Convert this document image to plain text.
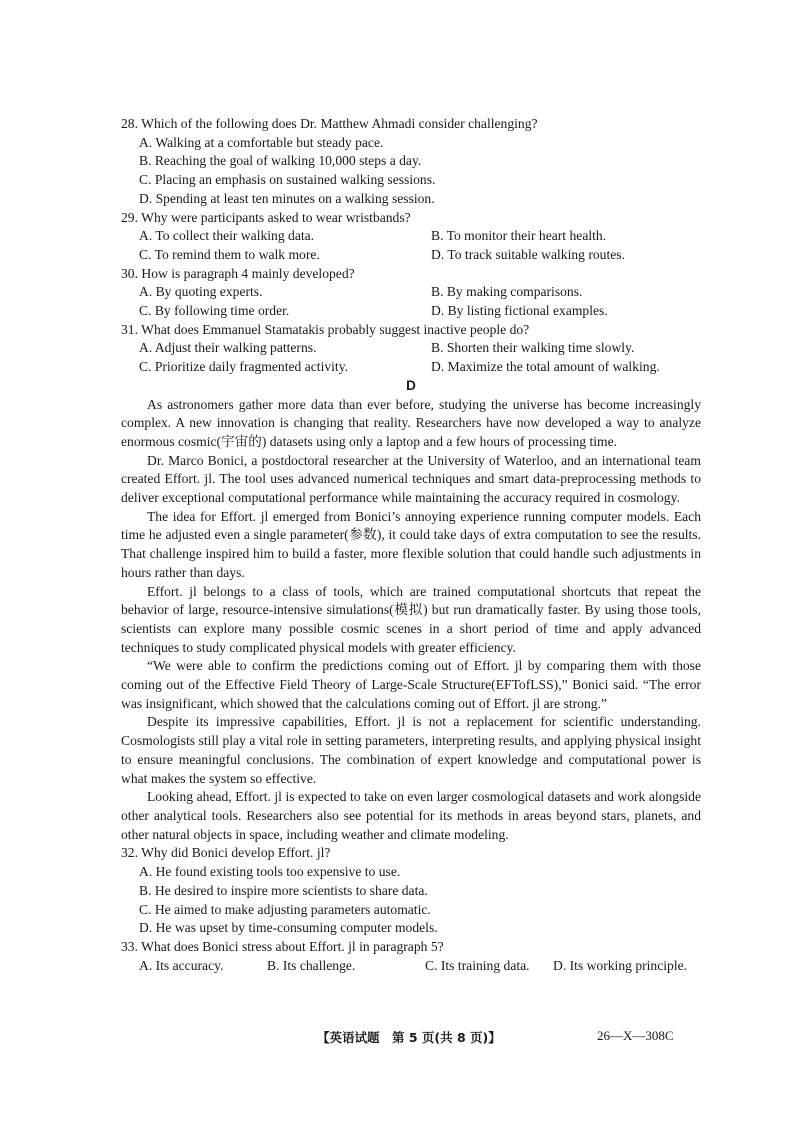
28. Which of the following does Dr. Matthew Ahmadi consider challenging?

A. Walking at a comfortable but steady pace.

B. Reaching the goal of walking 10,000 steps a day.

C. Placing an emphasis on sustained walking sessions.

D. Spending at least ten minutes on a walking session.

29. Why were participants asked to wear wristbands?

A. To collect their walking data.	B. To monitor their heart health.
C. To remind them to walk more.	D. To track suitable walking routes.

30. How is paragraph 4 mainly developed?

A. By quoting experts.	B. By making comparisons.
C. By following time order.	D. By listing fictional examples.

31. What does Emmanuel Stamatakis probably suggest inactive people do?

A. Adjust their walking patterns.	B. Shorten their walking time slowly.
C. Prioritize daily fragmented activity.	D. Maximize the total amount of walking.

D

As astronomers gather more data than ever before, studying the universe has become increasingly complex. A new innovation is changing that reality. Researchers have now developed a way to analyze enormous cosmic(宇宙的) datasets using only a laptop and a few hours of processing time.

Dr. Marco Bonici, a postdoctoral researcher at the University of Waterloo, and an international team created Effort. jl. The tool uses advanced numerical techniques and smart data-preprocessing methods to deliver exceptional computational performance while maintaining the accuracy required in cosmology.

The idea for Effort. jl emerged from Bonici’s annoying experience running computer models. Each time he adjusted even a single parameter(参数), it could take days of extra computation to see the results. That challenge inspired him to build a faster, more flexible solution that could handle such adjustments in hours rather than days.

Effort. jl belongs to a class of tools, which are trained computational shortcuts that repeat the behavior of large, resource-intensive simulations(模拟) but run dramatically faster. By using those tools, scientists can explore many possible cosmic scenes in a short period of time and apply advanced techniques to study complicated physical models with greater efficiency.

“We were able to confirm the predictions coming out of Effort. jl by comparing them with those coming out of the Effective Field Theory of Large-Scale Structure(EFTofLSS),” Bonici said. “The error was insignificant, which showed that the calculations coming out of Effort. jl are strong.”

Despite its impressive capabilities, Effort. jl is not a replacement for scientific understanding. Cosmologists still play a vital role in setting parameters, interpreting results, and applying physical insight to ensure meaningful conclusions. The combination of expert knowledge and computational power is what makes the system so effective.

Looking ahead, Effort. jl is expected to take on even larger cosmological datasets and work alongside other analytical tools. Researchers also see potential for its methods in areas beyond stars, planets, and other natural objects in space, including weather and climate modeling.

32. Why did Bonici develop Effort. jl?

A. He found existing tools too expensive to use.

B. He desired to inspire more scientists to share data.

C. He aimed to make adjusting parameters automatic.

D. He was upset by time-consuming computer models.

33. What does Bonici stress about Effort. jl in paragraph 5?

A. Its accuracy.	B. Its challenge.	C. Its training data.	D. Its working principle.
【英语试题　第 5 页(共 8 页)】	26—X—308C
